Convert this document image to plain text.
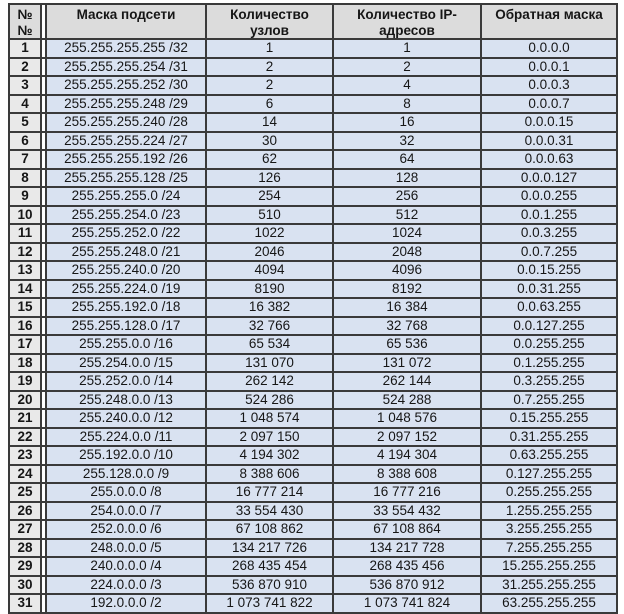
№№		Маска подсети	Количество узлов	Количество IP-адресов	Обратная маска
1		255.255.255.255 /32	1	1	0.0.0.0
2		255.255.255.254 /31	2	2	0.0.0.1
3		255.255.255.252 /30	2	4	0.0.0.3
4		255.255.255.248 /29	6	8	0.0.0.7
5		255.255.255.240 /28	14	16	0.0.0.15
6		255.255.255.224 /27	30	32	0.0.0.31
7		255.255.255.192 /26	62	64	0.0.0.63
8		255.255.255.128 /25	126	128	0.0.0.127
9		255.255.255.0 /24	254	256	0.0.0.255
10		255.255.254.0 /23	510	512	0.0.1.255
11		255.255.252.0 /22	1022	1024	0.0.3.255
12		255.255.248.0 /21	2046	2048	0.0.7.255
13		255.255.240.0 /20	4094	4096	0.0.15.255
14		255.255.224.0 /19	8190	8192	0.0.31.255
15		255.255.192.0 /18	16 382	16 384	0.0.63.255
16		255.255.128.0 /17	32 766	32 768	0.0.127.255
17		255.255.0.0 /16	65 534	65 536	0.0.255.255
18		255.254.0.0 /15	131 070	131 072	0.1.255.255
19		255.252.0.0 /14	262 142	262 144	0.3.255.255
20		255.248.0.0 /13	524 286	524 288	0.7.255.255
21		255.240.0.0 /12	1 048 574	1 048 576	0.15.255.255
22		255.224.0.0 /11	2 097 150	2 097 152	0.31.255.255
23		255.192.0.0 /10	4 194 302	4 194 304	0.63.255.255
24		255.128.0.0 /9	8 388 606	8 388 608	0.127.255.255
25		255.0.0.0 /8	16 777 214	16 777 216	0.255.255.255
26		254.0.0.0 /7	33 554 430	33 554 432	1.255.255.255
27		252.0.0.0 /6	67 108 862	67 108 864	3.255.255.255
28		248.0.0.0 /5	134 217 726	134 217 728	7.255.255.255
29		240.0.0.0 /4	268 435 454	268 435 456	15.255.255.255
30		224.0.0.0 /3	536 870 910	536 870 912	31.255.255.255
31		192.0.0.0 /2	1 073 741 822	1 073 741 824	63.255.255.255
